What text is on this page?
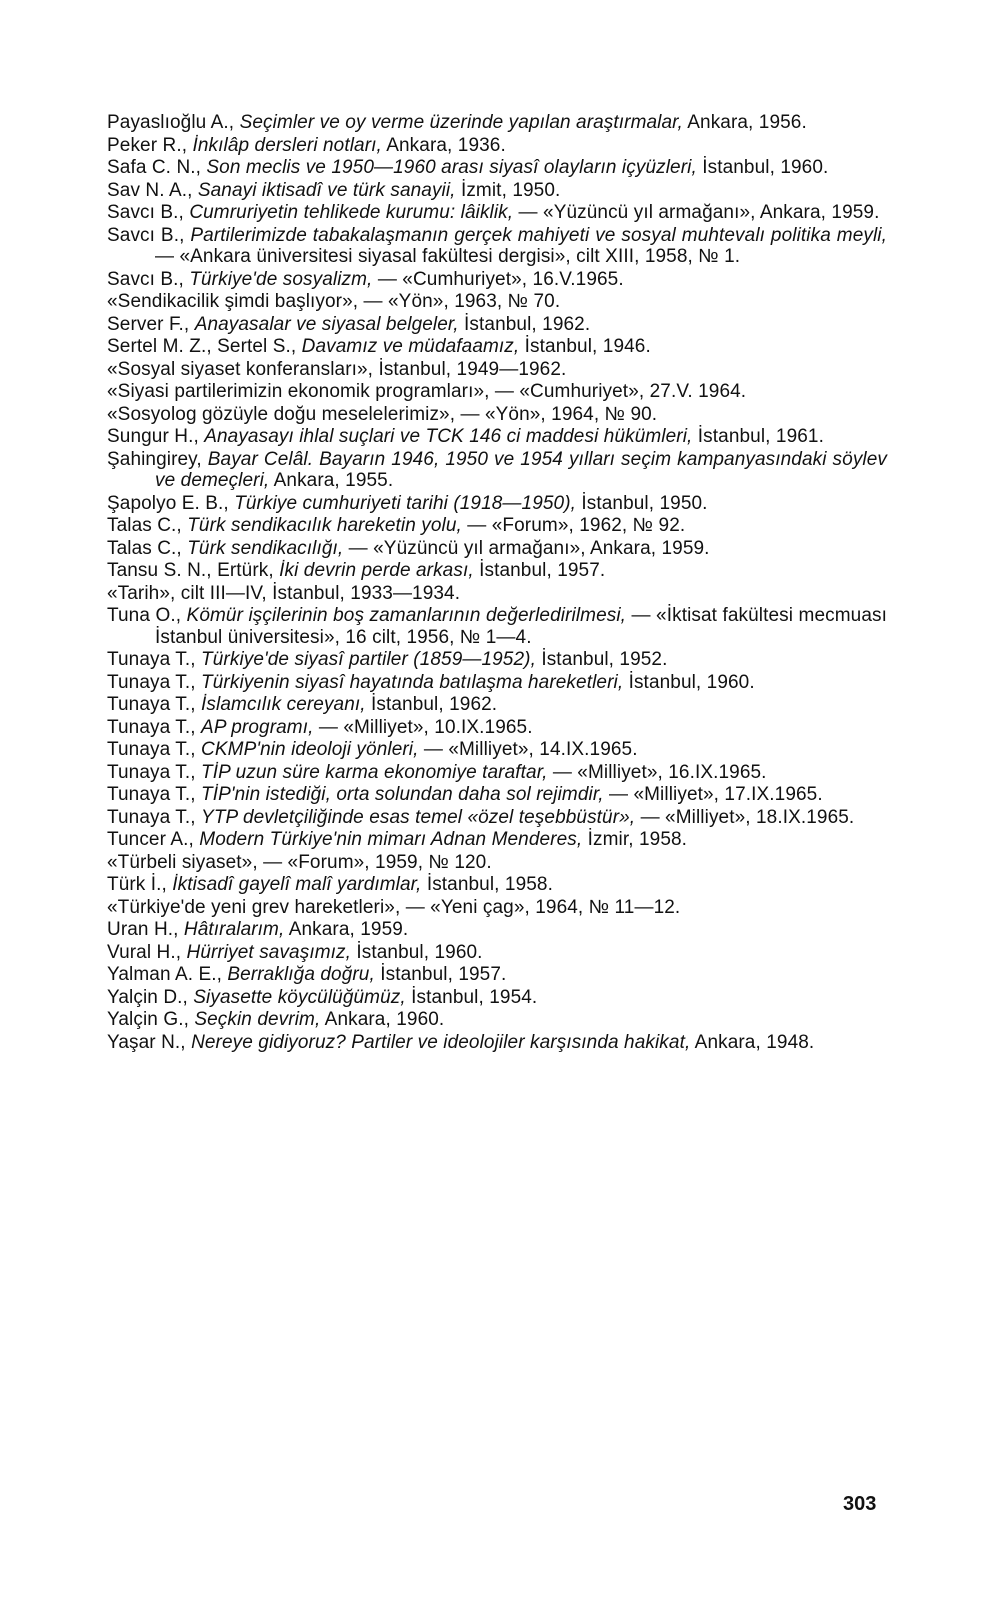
Payaslıoğlu A., Seçimler ve oy verme üzerinde yapılan araştırmalar, Ankara, 1956.

Peker R., İnkılâp dersleri notları, Ankara, 1936.

Safa C. N., Son meclis ve 1950—1960 arası siyasî olayların içyüzleri, İstanbul, 1960.

Sav N. A., Sanayi iktisadî ve türk sanayii, İzmit, 1950.

Savcı B., Cumruriyetin tehlikede kurumu: lâiklik, — «Yüzüncü yıl armağanı», Ankara, 1959.

Savcı B., Partilerimizde tabakalaşmanın gerçek mahiyeti ve sosyal muhtevalı politika meyli, — «Ankara üniversitesi siyasal fakültesi dergisi», cilt XIII, 1958, № 1.

Savcı B., Türkiye'de sosyalizm, — «Cumhuriyet», 16.V.1965.

«Sendikacilik şimdi başlıyor», — «Yön», 1963, № 70.

Server F., Anayasalar ve siyasal belgeler, İstanbul, 1962.

Sertel M. Z., Sertel S., Davamız ve müdafaamız, İstanbul, 1946.

«Sosyal siyaset konferansları», İstanbul, 1949—1962.

«Siyasi partilerimizin ekonomik programları», — «Cumhuriyet», 27.V. 1964.

«Sosyolog gözüyle doğu meselelerimiz», — «Yön», 1964, № 90.

Sungur H., Anayasayı ihlal suçlari ve TCK 146 ci maddesi hükümleri, İstanbul, 1961.

Şahingirey, Bayar Celâl. Bayarın 1946, 1950 ve 1954 yılları seçim kampanyasındaki söylev ve demeçleri, Ankara, 1955.

Şapolyo E. B., Türkiye cumhuriyeti tarihi (1918—1950), İstanbul, 1950.

Talas C., Türk sendikacılık hareketin yolu, — «Forum», 1962, № 92.

Talas C., Türk sendikacılığı, — «Yüzüncü yıl armağanı», Ankara, 1959.

Tansu S. N., Ertürk, İki devrin perde arkası, İstanbul, 1957.

«Tarih», cilt III—IV, İstanbul, 1933—1934.

Tuna O., Kömür işçilerinin boş zamanlarının değerledirilmesi, — «İktisat fakültesi mecmuası İstanbul üniversitesi», 16 cilt, 1956, № 1—4.

Tunaya T., Türkiye'de siyasî partiler (1859—1952), İstanbul, 1952.

Tunaya T., Türkiyenin siyasî hayatında batılaşma hareketleri, İstanbul, 1960.

Tunaya T., İslamcılık cereyanı, İstanbul, 1962.

Tunaya T., AP programı, — «Milliyet», 10.IX.1965.

Tunaya T., CKMP'nin ideoloji yönleri, — «Milliyet», 14.IX.1965.

Tunaya T., TİP uzun süre karma ekonomiye taraftar, — «Milliyet», 16.IX.1965.

Tunaya T., TİP'nin istediği, orta solundan daha sol rejimdir, — «Milliyet», 17.IX.1965.

Tunaya T., YTP devletçiliğinde esas temel «özel teşebbüstür», — «Milliyet», 18.IX.1965.

Tuncer A., Modern Türkiye'nin mimarı Adnan Menderes, İzmir, 1958.

«Türbeli siyaset», — «Forum», 1959, № 120.

Türk İ., İktisadî gayelî malî yardımlar, İstanbul, 1958.

«Türkiye'de yeni grev hareketleri», — «Yeni çag», 1964, № 11—12.

Uran H., Hâtıralarım, Ankara, 1959.

Vural H., Hürriyet savaşımız, İstanbul, 1960.

Yalman A. E., Berraklığa doğru, İstanbul, 1957.

Yalçin D., Siyasette köycülüğümüz, İstanbul, 1954.

Yalçin G., Seçkin devrim, Ankara, 1960.

Yaşar N., Nereye gidiyoruz? Partiler ve ideolojiler karşısında hakikat, Ankara, 1948.

303
